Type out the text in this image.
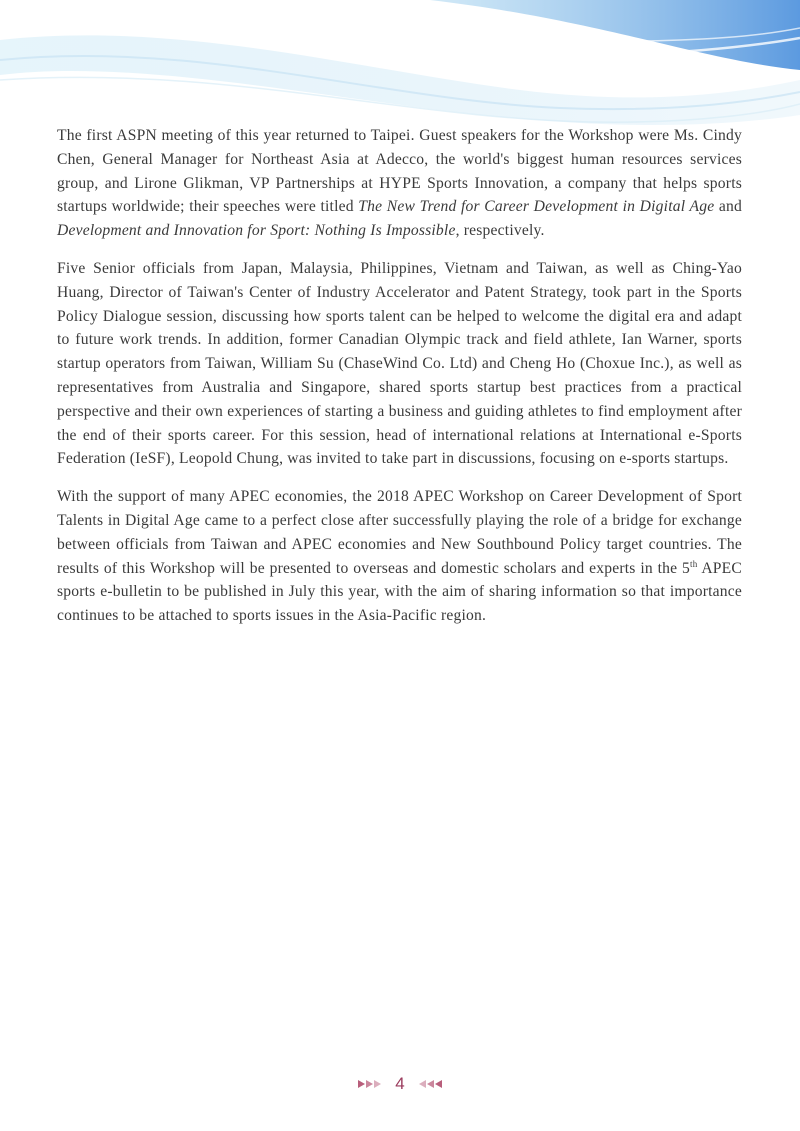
The first ASPN meeting of this year returned to Taipei. Guest speakers for the Workshop were Ms. Cindy Chen, General Manager for Northeast Asia at Adecco, the world's biggest human resources services group, and Lirone Glikman, VP Partnerships at HYPE Sports Innovation, a company that helps sports startups worldwide; their speeches were titled The New Trend for Career Development in Digital Age and Development and Innovation for Sport: Nothing Is Impossible, respectively.

Five Senior officials from Japan, Malaysia, Philippines, Vietnam and Taiwan, as well as Ching-Yao Huang, Director of Taiwan's Center of Industry Accelerator and Patent Strategy, took part in the Sports Policy Dialogue session, discussing how sports talent can be helped to welcome the digital era and adapt to future work trends. In addition, former Canadian Olympic track and field athlete, Ian Warner, sports startup operators from Taiwan, William Su (ChaseWind Co. Ltd) and Cheng Ho (Choxue Inc.), as well as representatives from Australia and Singapore, shared sports startup best practices from a practical perspective and their own experiences of starting a business and guiding athletes to find employment after the end of their sports career. For this session, head of international relations at International e-Sports Federation (IeSF), Leopold Chung, was invited to take part in discussions, focusing on e-sports startups.

With the support of many APEC economies, the 2018 APEC Workshop on Career Development of Sport Talents in Digital Age came to a perfect close after successfully playing the role of a bridge for exchange between officials from Taiwan and APEC economies and New Southbound Policy target countries. The results of this Workshop will be presented to overseas and domestic scholars and experts in the 5th APEC sports e-bulletin to be published in July this year, with the aim of sharing information so that importance continues to be attached to sports issues in the Asia-Pacific region.

4
